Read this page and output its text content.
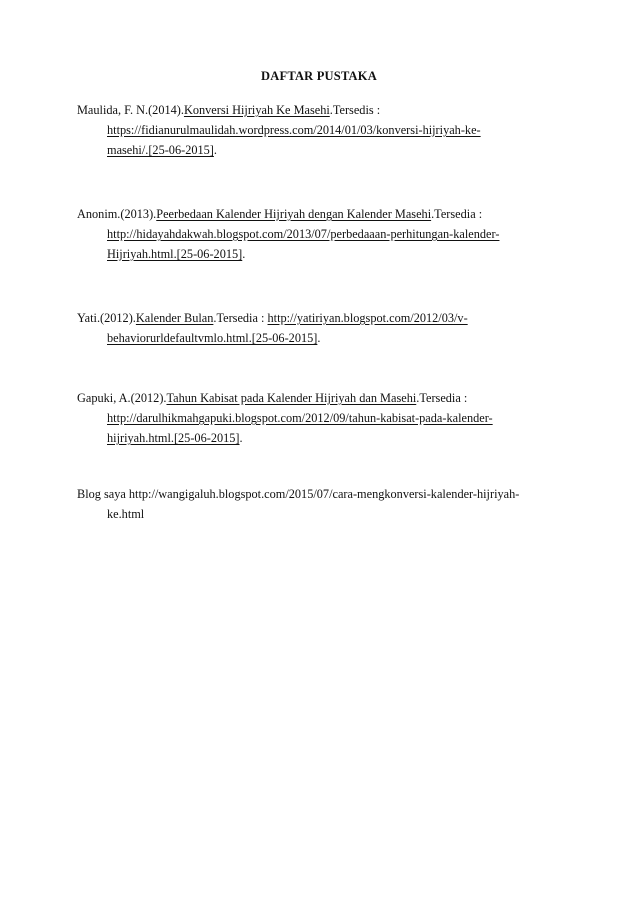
DAFTAR PUSTAKA
Maulida, F. N.(2014).Konversi Hijriyah Ke Masehi.Tersedis :
https://fidianurulmaulidah.wordpress.com/2014/01/03/konversi-hijriyah-ke-
masehi/.[25-06-2015].
Anonim.(2013).Peerbedaan Kalender Hijriyah dengan Kalender Masehi.Tersedia :
http://hidayahdakwah.blogspot.com/2013/07/perbedaaan-perhitungan-kalender-
Hijriyah.html.[25-06-2015].
Yati.(2012).Kalender Bulan.Tersedia : http://yatiriyan.blogspot.com/2012/03/v-
behaviorurldefaultvmlo.html.[25-06-2015].
Gapuki, A.(2012).Tahun Kabisat pada Kalender Hijriyah dan Masehi.Tersedia :
http://darulhikmahgapuki.blogspot.com/2012/09/tahun-kabisat-pada-kalender-
hijriyah.html.[25-06-2015].
Blog saya http://wangigaluh.blogspot.com/2015/07/cara-mengkonversi-kalender-hijriyah-
ke.html
